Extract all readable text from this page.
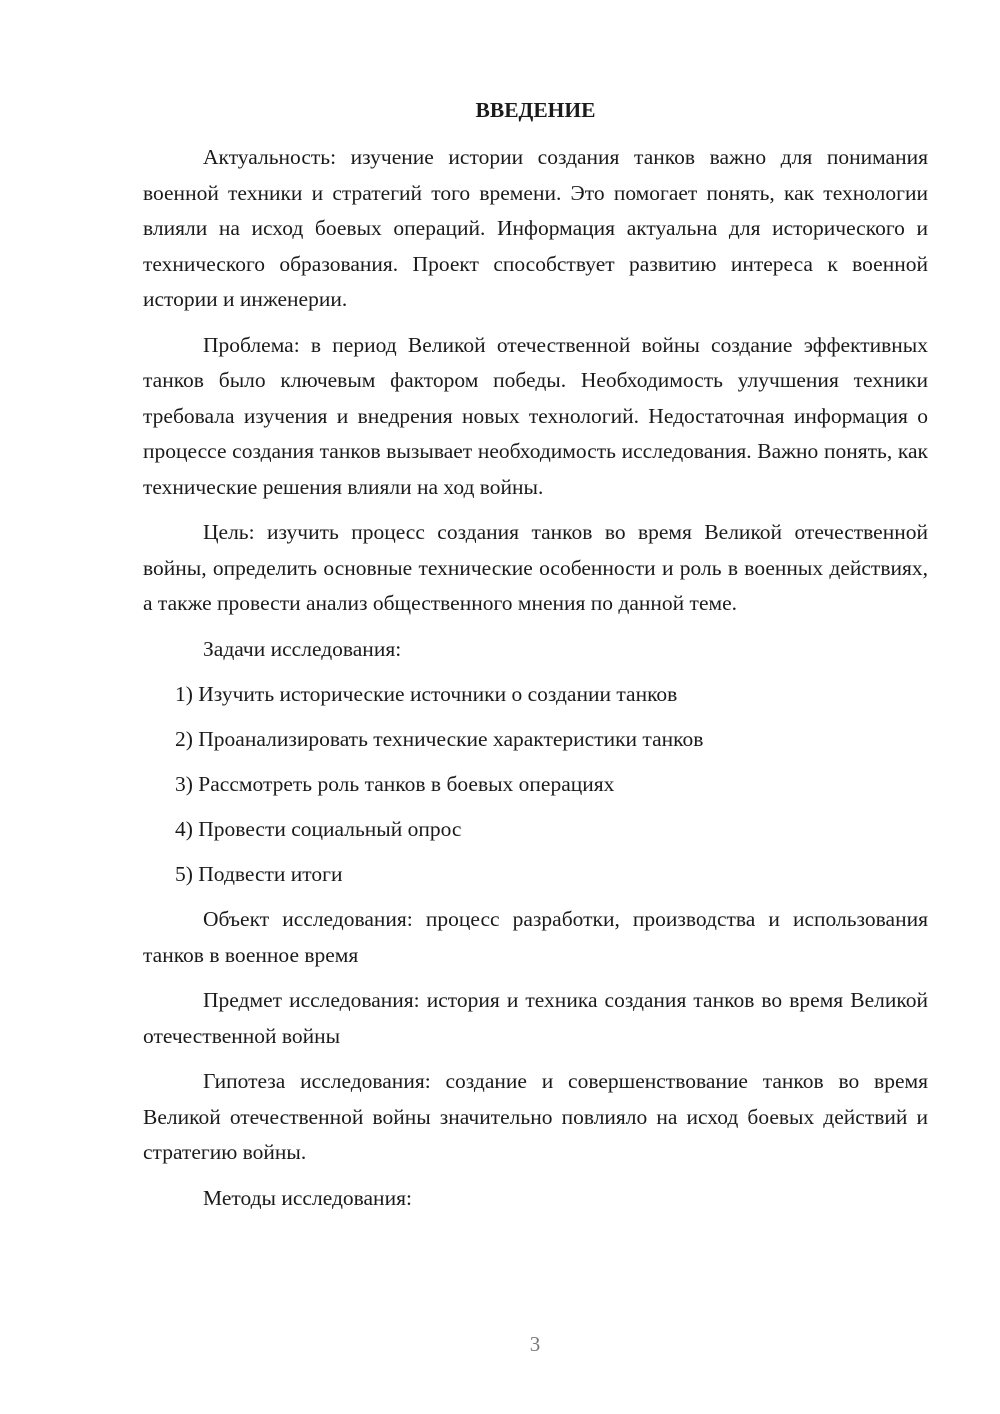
ВВЕДЕНИЕ

Актуальность: изучение истории создания танков важно для понимания военной техники и стратегий того времени. Это помогает понять, как технологии влияли на исход боевых операций. Информация актуальна для исторического и технического образования. Проект способствует развитию интереса к военной истории и инженерии.

Проблема: в период Великой отечественной войны создание эффективных танков было ключевым фактором победы. Необходимость улучшения техники требовала изучения и внедрения новых технологий. Недостаточная информация о процессе создания танков вызывает необходимость исследования. Важно понять, как технические решения влияли на ход войны.

Цель: изучить процесс создания танков во время Великой отечественной войны, определить основные технические особенности и роль в военных действиях, а также провести анализ общественного мнения по данной теме.

Задачи исследования:

1) Изучить исторические источники о создании танков
2) Проанализировать технические характеристики танков
3) Рассмотреть роль танков в боевых операциях
4) Провести социальный опрос
5) Подвести итоги

Объект исследования: процесс разработки, производства и использования танков в военное время

Предмет исследования: история и техника создания танков во время Великой отечественной войны

Гипотеза исследования: создание и совершенствование танков во время Великой отечественной войны значительно повлияло на исход боевых действий и стратегию войны.

Методы исследования:

3
